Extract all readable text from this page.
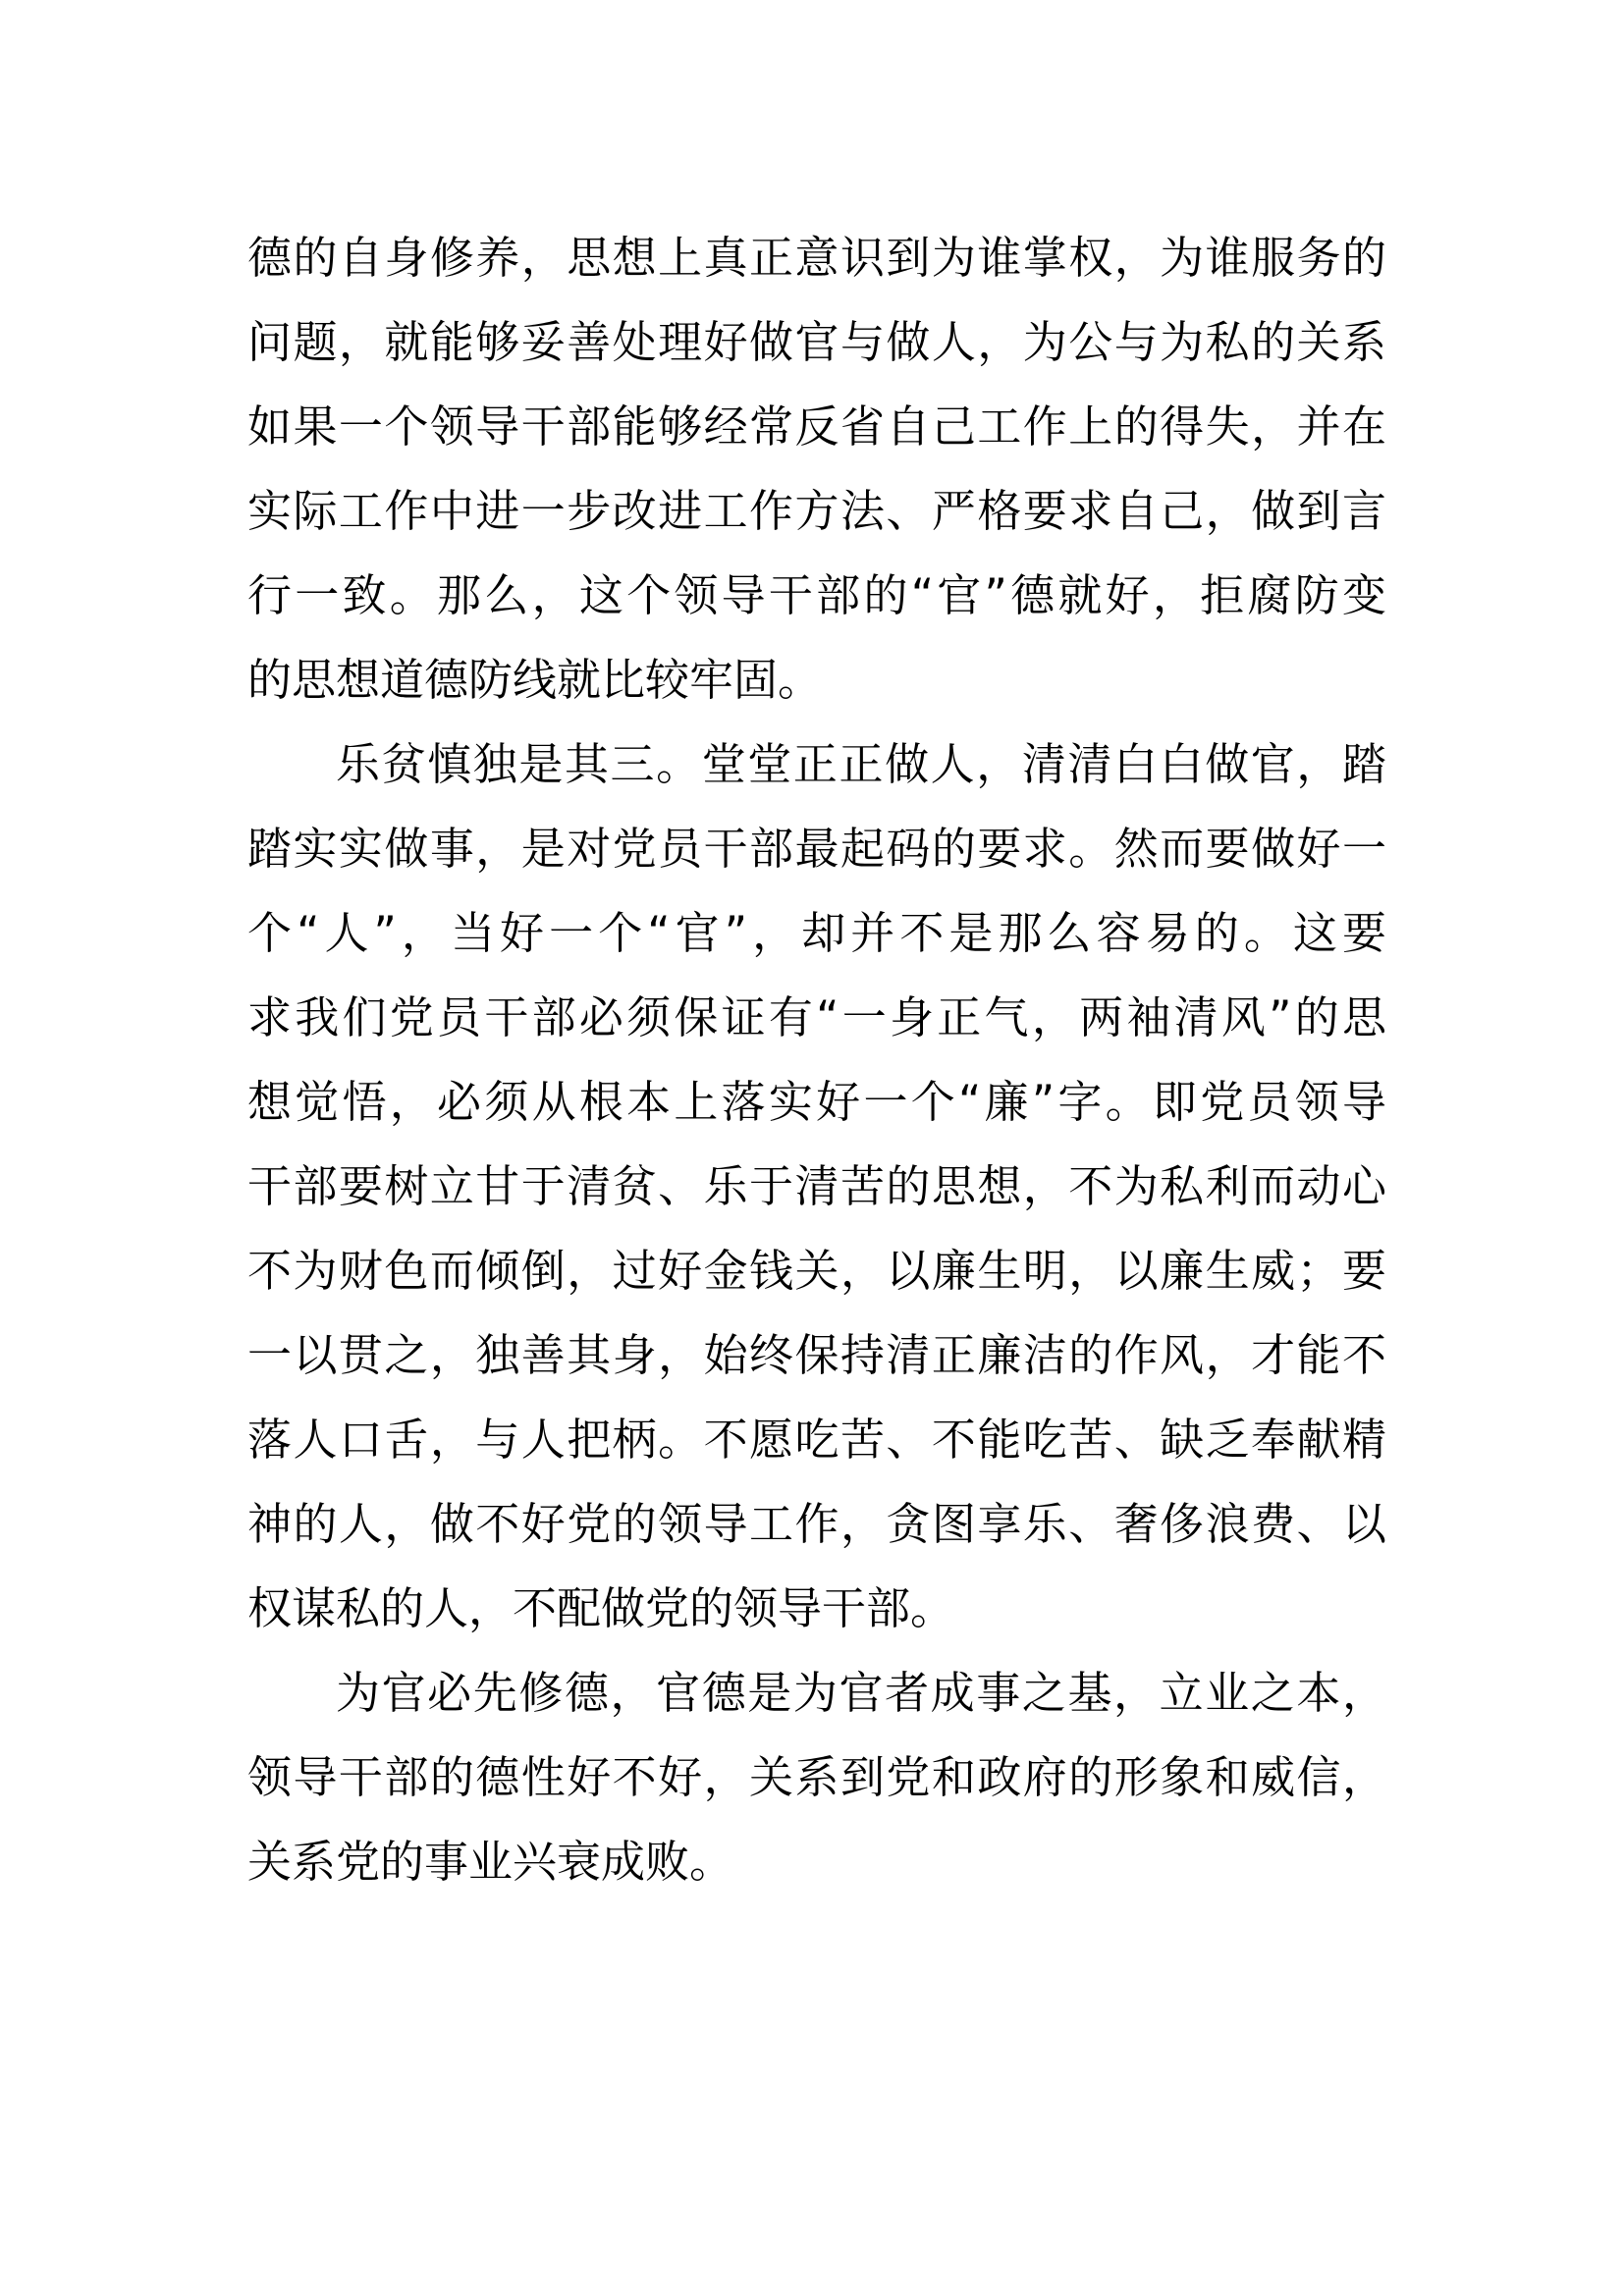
德的自身修养，思想上真正意识到为谁掌权，为谁服务的
问题，就能够妥善处理好做官与做人，为公与为私的关系
如果一个领导干部能够经常反省自己工作上的得失，并在
实际工作中进一步改进工作方法、严格要求自己，做到言
行一致。那么，这个领导干部的“官”德就好，拒腐防变
的思想道德防线就比较牢固。
乐贫慎独是其三。堂堂正正做人，清清白白做官，踏
踏实实做事，是对党员干部最起码的要求。然而要做好一
个“人”，当好一个“官”，却并不是那么容易的。这要
求我们党员干部必须保证有“一身正气，两袖清风”的思
想觉悟，必须从根本上落实好一个“廉”字。即党员领导
干部要树立甘于清贫、乐于清苦的思想，不为私利而动心
不为财色而倾倒，过好金钱关，以廉生明，以廉生威；要
一以贯之，独善其身，始终保持清正廉洁的作风，才能不
落人口舌，与人把柄。不愿吃苦、不能吃苦、缺乏奉献精
神的人，做不好党的领导工作，贪图享乐、奢侈浪费、以
权谋私的人，不配做党的领导干部。
为官必先修德，官德是为官者成事之基，立业之本，
领导干部的德性好不好，关系到党和政府的形象和威信，
关系党的事业兴衰成败。
